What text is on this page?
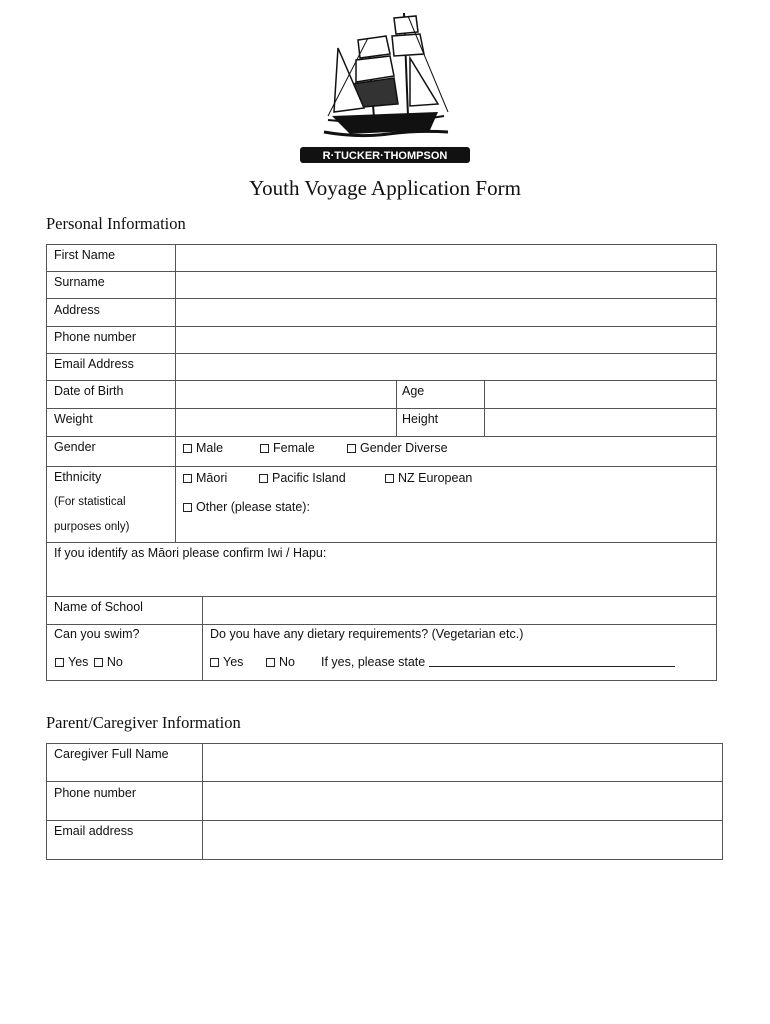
R·TUCKER·THOMPSON
Youth Voyage Application Form
Personal Information
First Name
Surname
Address
Phone number
Email Address
Date of Birth	Age
Weight	Height
Gender	Male	Female	Gender Diverse
Ethnicity
(For statistical
purposes only)
Māori	Pacific Island	NZ European
Other (please state):
If you identify as Māori please confirm Iwi / Hapu:
Name of School
Can you swim?
Yes No
Do you have any dietary requirements? (Vegetarian etc.)
Yes	No If yes, please state
Parent/Caregiver Information
Caregiver Full Name
Phone number
Email address
